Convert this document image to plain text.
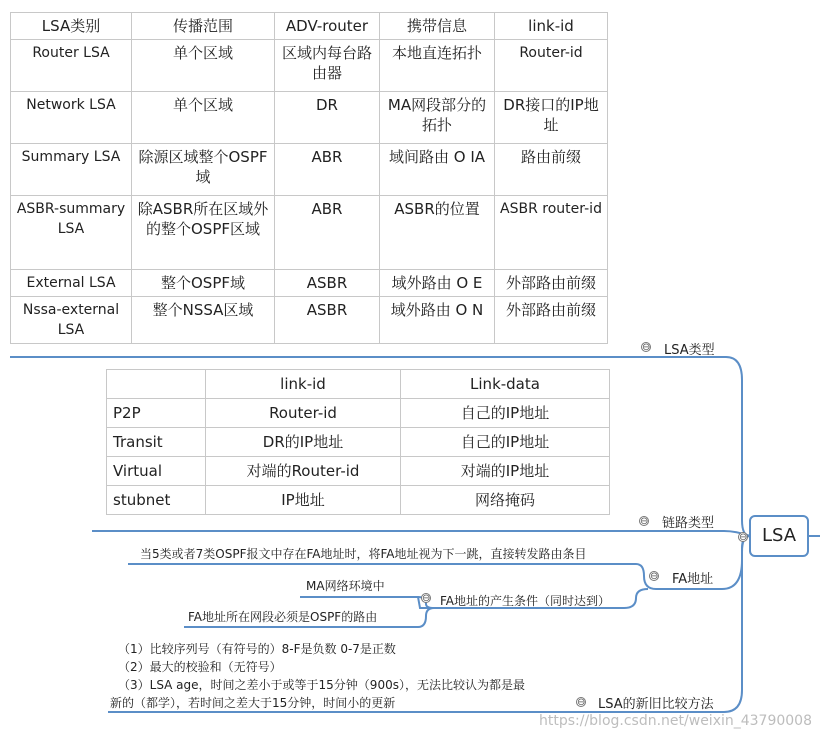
LSA类别	传播范围	ADV-router	携带信息	link-id
Router LSA	单个区域	区域内每台路由器	本地直连拓扑	Router-id
Network LSA	单个区域	DR	MA网段部分的拓扑	DR接口的IP地址
Summary LSA	除源区域整个OSPF域	ABR	域间路由 O IA	路由前缀
ASBR-summary LSA	除ASBR所在区域外的整个OSPF区域	ABR	ASBR的位置	ASBR router-id
External LSA	整个OSPF域	ASBR	域外路由 O E	外部路由前缀
Nssa-external LSA	整个NSSA区域	ASBR	域外路由 O N	外部路由前缀
⊖ LSA类型
	link-id	Link-data
P2P	Router-id	自己的IP地址
Transit	DR的IP地址	自己的IP地址
Virtual	对端的Router-id	对端的IP地址
stubnet	IP地址	网络掩码
⊖ 链路类型
LSA
⊖
当5类或者7类OSPF报文中存在FA地址时，将FA地址视为下一跳，直接转发路由条目
⊖ FA地址
MA网络环境中
FA地址所在网段必须是OSPF的路由
⊖ FA地址的产生条件（同时达到）
（1）比较序列号（有符号的）8-F是负数 0-7是正数
（2）最大的校验和（无符号）
（3）LSA age，时间之差小于或等于15分钟（900s），无法比较认为都是最
新的（都学），若时间之差大于15分钟，时间小的更新	⊖ LSA的新旧比较方法
https://blog.csdn.net/weixin_43790008
